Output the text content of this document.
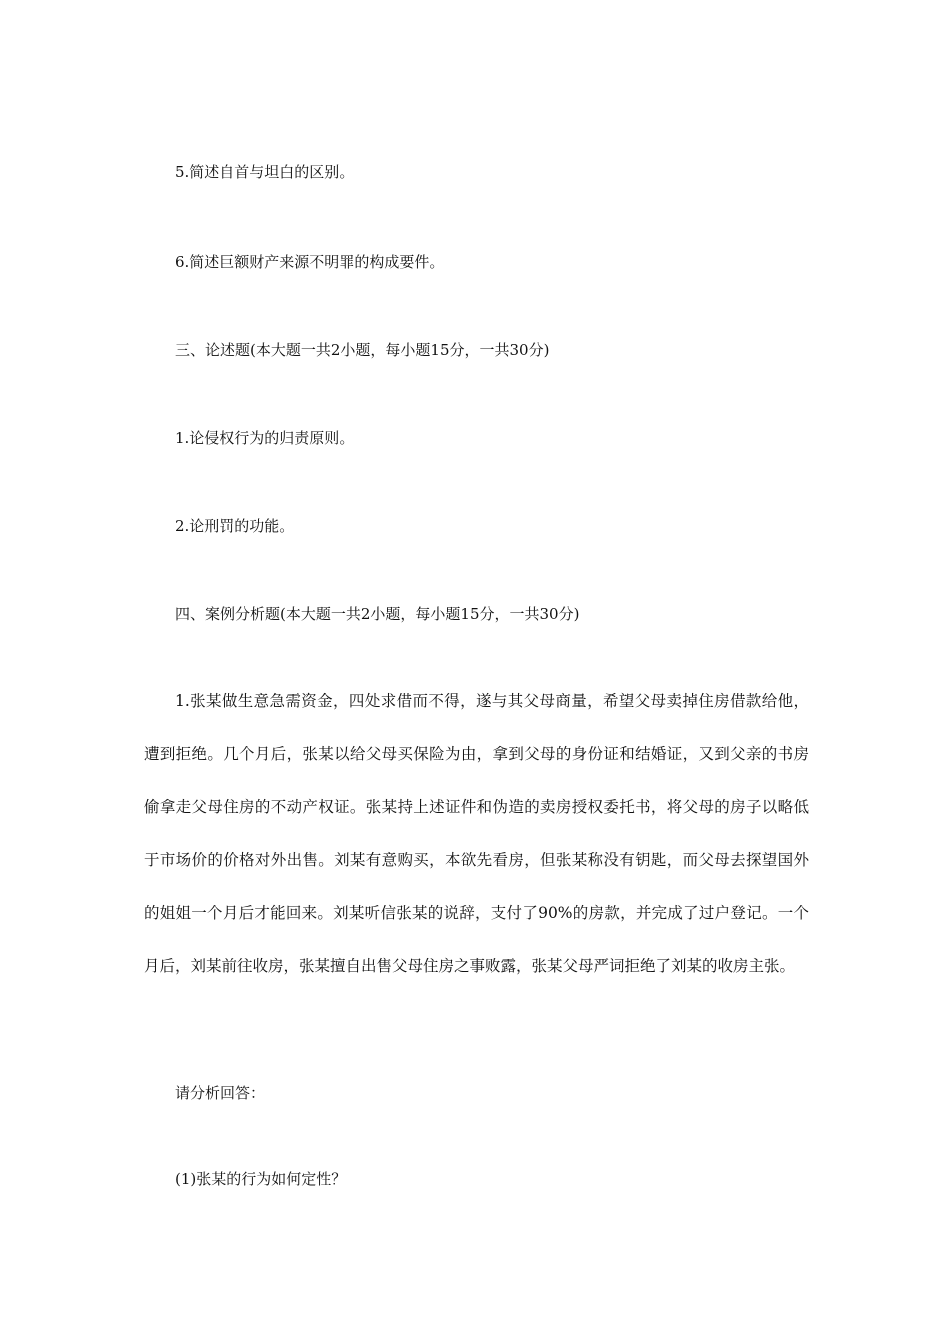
5.简述自首与坦白的区别。
6.简述巨额财产来源不明罪的构成要件。
三、论述题(本大题一共2小题，每小题15分，一共30分)
1.论侵权行为的归责原则。
2.论刑罚的功能。
四、案例分析题(本大题一共2小题，每小题15分，一共30分)
1.张某做生意急需资金，四处求借而不得，遂与其父母商量，希望父母卖掉住房借款给他，遭到拒绝。几个月后，张某以给父母买保险为由，拿到父母的身份证和结婚证，又到父亲的书房偷拿走父母住房的不动产权证。张某持上述证件和伪造的卖房授权委托书，将父母的房子以略低于市场价的价格对外出售。刘某有意购买，本欲先看房，但张某称没有钥匙，而父母去探望国外的姐姐一个月后才能回来。刘某听信张某的说辞，支付了90%的房款，并完成了过户登记。一个月后，刘某前往收房，张某擅自出售父母住房之事败露，张某父母严词拒绝了刘某的收房主张。
请分析回答：
(1)张某的行为如何定性？
